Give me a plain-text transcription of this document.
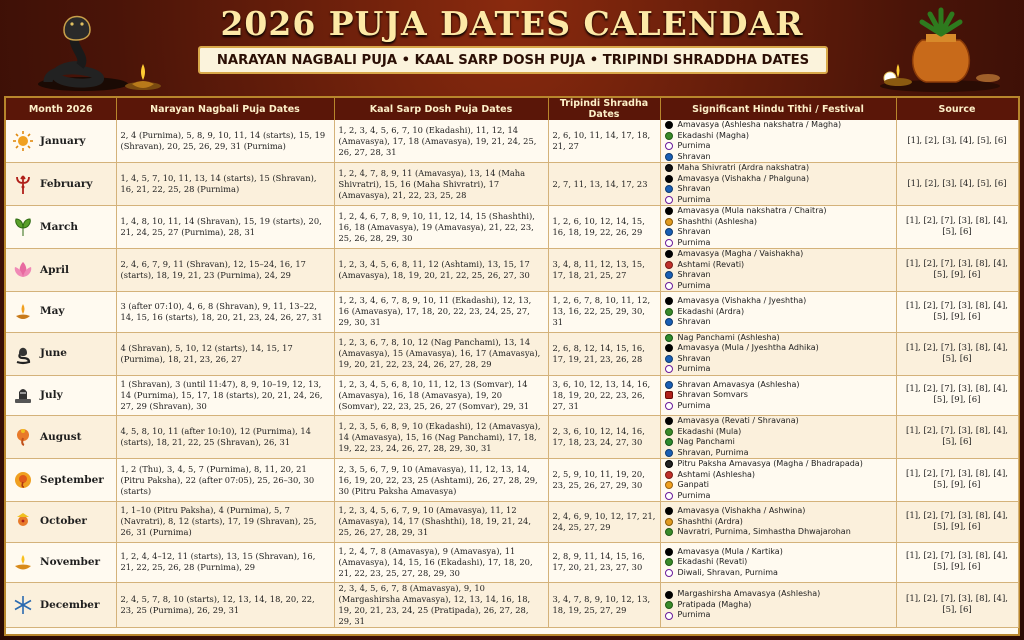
2026 PUJA DATES CALENDAR
NARAYAN NAGBALI PUJA • KAAL SARP DOSH PUJA • TRIPINDI SHRADDHA DATES
Month 2026	Narayan Nagbali Puja Dates	Kaal Sarp Dosh Puja Dates	Tripindi Shradha Dates	Significant Hindu Tithi / Festival	Source

January	2, 4 (Purnima), 5, 8, 9, 10, 11, 14 (starts), 15, 19 (Shravan), 20, 25, 26, 29, 31 (Purnima)	1, 2, 3, 4, 5, 6, 7, 10 (Ekadashi), 11, 12, 14 (Amavasya), 17, 18 (Amavasya), 19, 21, 24, 25, 26, 27, 28, 31	2, 6, 10, 11, 14, 17, 18, 21, 27	Amavasya (Ashlesha nakshatra / Magha)
Ekadashi (Magha)
Purnima
Shravan	[1], [2], [3], [4], [5], [6]

February	1, 4, 5, 7, 10, 11, 13, 14 (starts), 15 (Shravan), 16, 21, 22, 25, 28 (Purnima)	1, 2, 4, 7, 8, 9, 11 (Amavasya), 13, 14 (Maha Shivratri), 15, 16 (Maha Shivratri), 17 (Amavasya), 21, 22, 23, 25, 28	2, 7, 11, 13, 14, 17, 23	Maha Shivratri (Ardra nakshatra)
Amavasya (Vishakha / Phalguna)
Shravan
Purnima	[1], [2], [3], [4], [5], [6]

March	1, 4, 8, 10, 11, 14 (Shravan), 15, 19 (starts), 20, 21, 24, 25, 27 (Purnima), 28, 31	1, 2, 4, 6, 7, 8, 9, 10, 11, 12, 14, 15 (Shashthi), 16, 18 (Amavasya), 19 (Amavasya), 21, 22, 23, 25, 26, 28, 29, 30	1, 2, 6, 10, 12, 14, 15, 16, 18, 19, 22, 26, 29	Amavasya (Mula nakshatra / Chaitra)
Shashthi (Ashlesha)
Shravan
Purnima	[1], [2], [7], [3], [8], [4], [5], [6]

April	2, 4, 6, 7, 9, 11 (Shravan), 12, 15–24, 16, 17 (starts), 18, 19, 21, 23 (Purnima), 24, 29	1, 2, 3, 4, 5, 6, 8, 11, 12 (Ashtami), 13, 15, 17 (Amavasya), 18, 19, 20, 21, 22, 25, 26, 27, 30	3, 4, 8, 11, 12, 13, 15, 17, 18, 21, 25, 27	Amavasya (Magha / Vaishakha)
Ashtami (Revati)
Shravan
Purnima	[1], [2], [7], [3], [8], [4], [5], [9], [6]

May	3 (after 07:10), 4, 6, 8 (Shravan), 9, 11, 13–22, 14, 15, 16 (starts), 18, 20, 21, 23, 24, 26, 27, 31	1, 2, 3, 4, 6, 7, 8, 9, 10, 11 (Ekadashi), 12, 13, 16 (Amavasya), 17, 18, 20, 22, 23, 24, 25, 27, 29, 30, 31	1, 2, 6, 7, 8, 10, 11, 12, 13, 16, 22, 25, 29, 30, 31	Amavasya (Vishakha / Jyeshtha)
Ekadashi (Ardra)
Shravan	[1], [2], [7], [3], [8], [4], [5], [9], [6]

June	4 (Shravan), 5, 10, 12 (starts), 14, 15, 17 (Purnima), 18, 21, 23, 26, 27	1, 2, 3, 6, 7, 8, 10, 12 (Nag Panchami), 13, 14 (Amavasya), 15 (Amavasya), 16, 17 (Amavasya), 19, 20, 21, 22, 23, 24, 26, 27, 28, 29	2, 6, 8, 12, 14, 15, 16, 17, 19, 21, 23, 26, 28	Nag Panchami (Ashlesha)
Amavasya (Mula / Jyeshtha Adhika)
Shravan
Purnima	[1], [2], [7], [3], [8], [4], [5], [6]

July	1 (Shravan), 3 (until 11:47), 8, 9, 10–19, 12, 13, 14 (Purnima), 15, 17, 18 (starts), 20, 21, 24, 26, 27, 29 (Shravan), 30	1, 2, 3, 4, 5, 6, 8, 10, 11, 12, 13 (Somvar), 14 (Amavasya), 16, 18 (Amavasya), 19, 20 (Somvar), 22, 23, 25, 26, 27 (Somvar), 29, 31	3, 6, 10, 12, 13, 14, 16, 18, 19, 20, 22, 23, 26, 27, 31	Shravan Amavasya (Ashlesha)
Shravan Somvars
Purnima	[1], [2], [7], [3], [8], [4], [5], [9], [6]

August	4, 5, 8, 10, 11 (after 10:10), 12 (Purnima), 14 (starts), 18, 21, 22, 25 (Shravan), 26, 31	1, 2, 3, 5, 6, 8, 9, 10 (Ekadashi), 12 (Amavasya), 14 (Amavasya), 15, 16 (Nag Panchami), 17, 18, 19, 22, 23, 24, 26, 27, 28, 29, 30, 31	2, 3, 6, 10, 12, 14, 16, 17, 18, 23, 24, 27, 30	Amavasya (Revati / Shravana)
Ekadashi (Mula)
Nag Panchami
Shravan, Purnima	[1], [2], [7], [3], [8], [4], [5], [6]

September	1, 2 (Thu), 3, 4, 5, 7 (Purnima), 8, 11, 20, 21 (Pitru Paksha), 22 (after 07:05), 25, 26–30, 30 (starts)	2, 3, 5, 6, 7, 9, 10 (Amavasya), 11, 12, 13, 14, 16, 19, 20, 22, 23, 25 (Ashtami), 26, 27, 28, 29, 30 (Pitru Paksha Amavasya)	2, 5, 9, 10, 11, 19, 20, 23, 25, 26, 27, 29, 30	Pitru Paksha Amavasya (Magha / Bhadrapada)
Ashtami (Ashlesha)
Ganpati
Purnima	[1], [2], [7], [3], [8], [4], [5], [9], [6]

October	1, 1–10 (Pitru Paksha), 4 (Purnima), 5, 7 (Navratri), 8, 12 (starts), 17, 19 (Shravan), 25, 26, 31 (Purnima)	1, 2, 3, 4, 5, 6, 7, 9, 10 (Amavasya), 11, 12 (Amavasya), 14, 17 (Shashthi), 18, 19, 21, 24, 25, 26, 27, 28, 29, 31	2, 4, 6, 9, 10, 12, 17, 21, 24, 25, 27, 29	Amavasya (Vishakha / Ashwina)
Shashthi (Ardra)
Navratri, Purnima, Simhastha Dhwajarohan	[1], [2], [7], [3], [8], [4], [5], [9], [6]

November	1, 2, 4, 4–12, 11 (starts), 13, 15 (Shravan), 16, 21, 22, 25, 26, 28 (Purnima), 29	1, 2, 4, 7, 8 (Amavasya), 9 (Amavasya), 11 (Amavasya), 14, 15, 16 (Ekadashi), 17, 18, 20, 21, 22, 23, 25, 27, 28, 29, 30	2, 8, 9, 11, 14, 15, 16, 17, 20, 21, 23, 27, 30	Amavasya (Mula / Kartika)
Ekadashi (Revati)
Diwali, Shravan, Purnima	[1], [2], [7], [3], [8], [4], [5], [9], [6]

December	2, 4, 5, 7, 8, 10 (starts), 12, 13, 14, 18, 20, 22, 23, 25 (Purnima), 26, 29, 31	2, 3, 4, 5, 6, 7, 8 (Amavasya), 9, 10 (Margashirsha Amavasya), 12, 13, 14, 16, 18, 19, 20, 21, 23, 24, 25 (Pratipada), 26, 27, 28, 29, 31	3, 4, 7, 8, 9, 10, 12, 13, 18, 19, 25, 27, 29	Margashirsha Amavasya (Ashlesha)
Pratipada (Magha)
Purnima	[1], [2], [7], [3], [8], [4], [5], [6]
